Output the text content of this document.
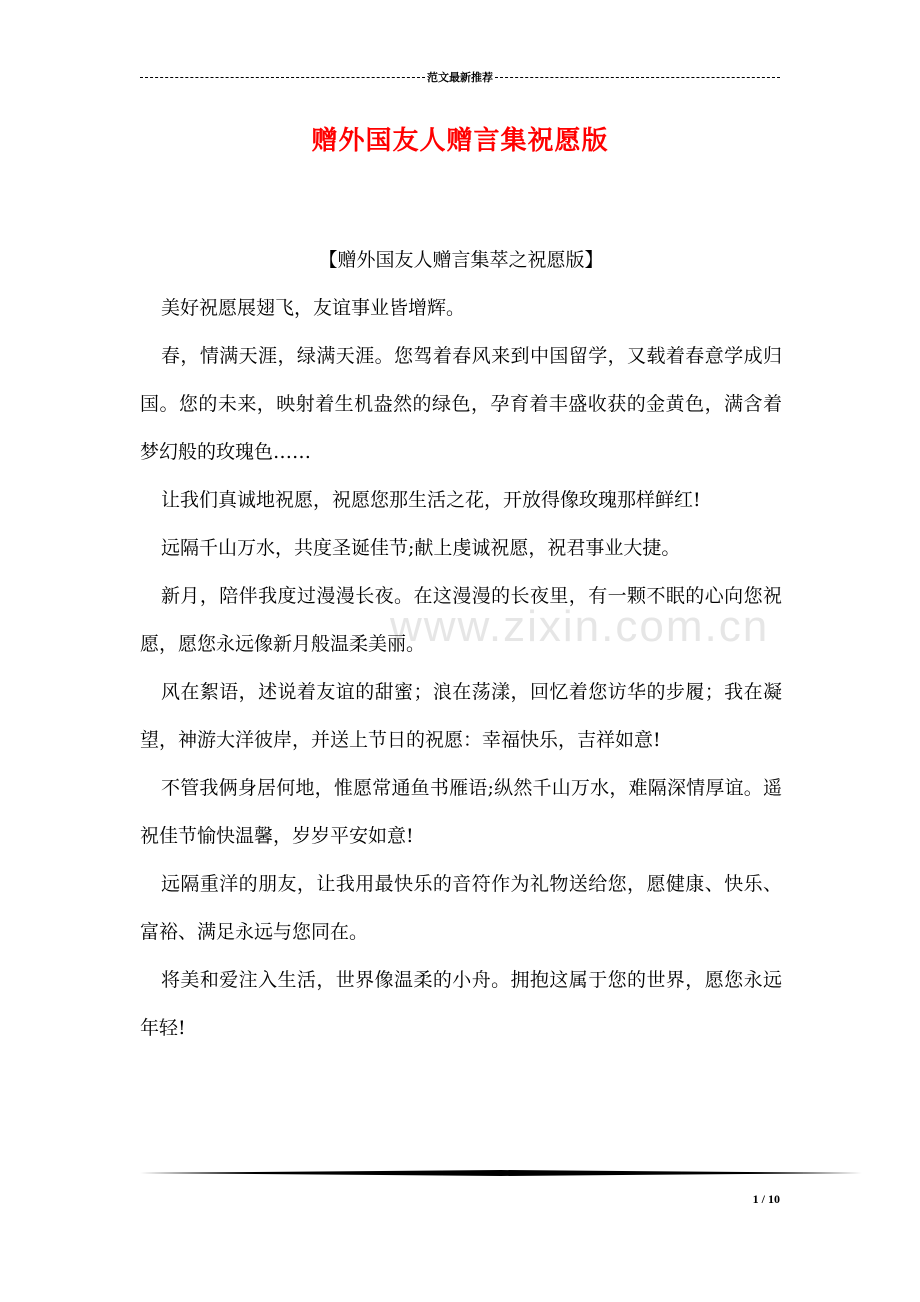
范文最新推荐
赠外国友人赠言集祝愿版
www.zixin.com.cn
【赠外国友人赠言集萃之祝愿版】

美好祝愿展翅飞，友谊事业皆增辉。

春，情满天涯，绿满天涯。您驾着春风来到中国留学，又载着春意学成归国。您的未来，映射着生机盎然的绿色，孕育着丰盛收获的金黄色，满含着梦幻般的玫瑰色……

让我们真诚地祝愿，祝愿您那生活之花，开放得像玫瑰那样鲜红!

远隔千山万水，共度圣诞佳节;献上虔诚祝愿，祝君事业大捷。

新月，陪伴我度过漫漫长夜。在这漫漫的长夜里，有一颗不眠的心向您祝愿，愿您永远像新月般温柔美丽。

风在絮语，述说着友谊的甜蜜；浪在荡漾，回忆着您访华的步履；我在凝望，神游大洋彼岸，并送上节日的祝愿：幸福快乐，吉祥如意!

不管我俩身居何地，惟愿常通鱼书雁语;纵然千山万水，难隔深情厚谊。遥祝佳节愉快温馨，岁岁平安如意!

远隔重洋的朋友，让我用最快乐的音符作为礼物送给您，愿健康、快乐、富裕、满足永远与您同在。

将美和爱注入生活，世界像温柔的小舟。拥抱这属于您的世界，愿您永远年轻!

1 / 10
